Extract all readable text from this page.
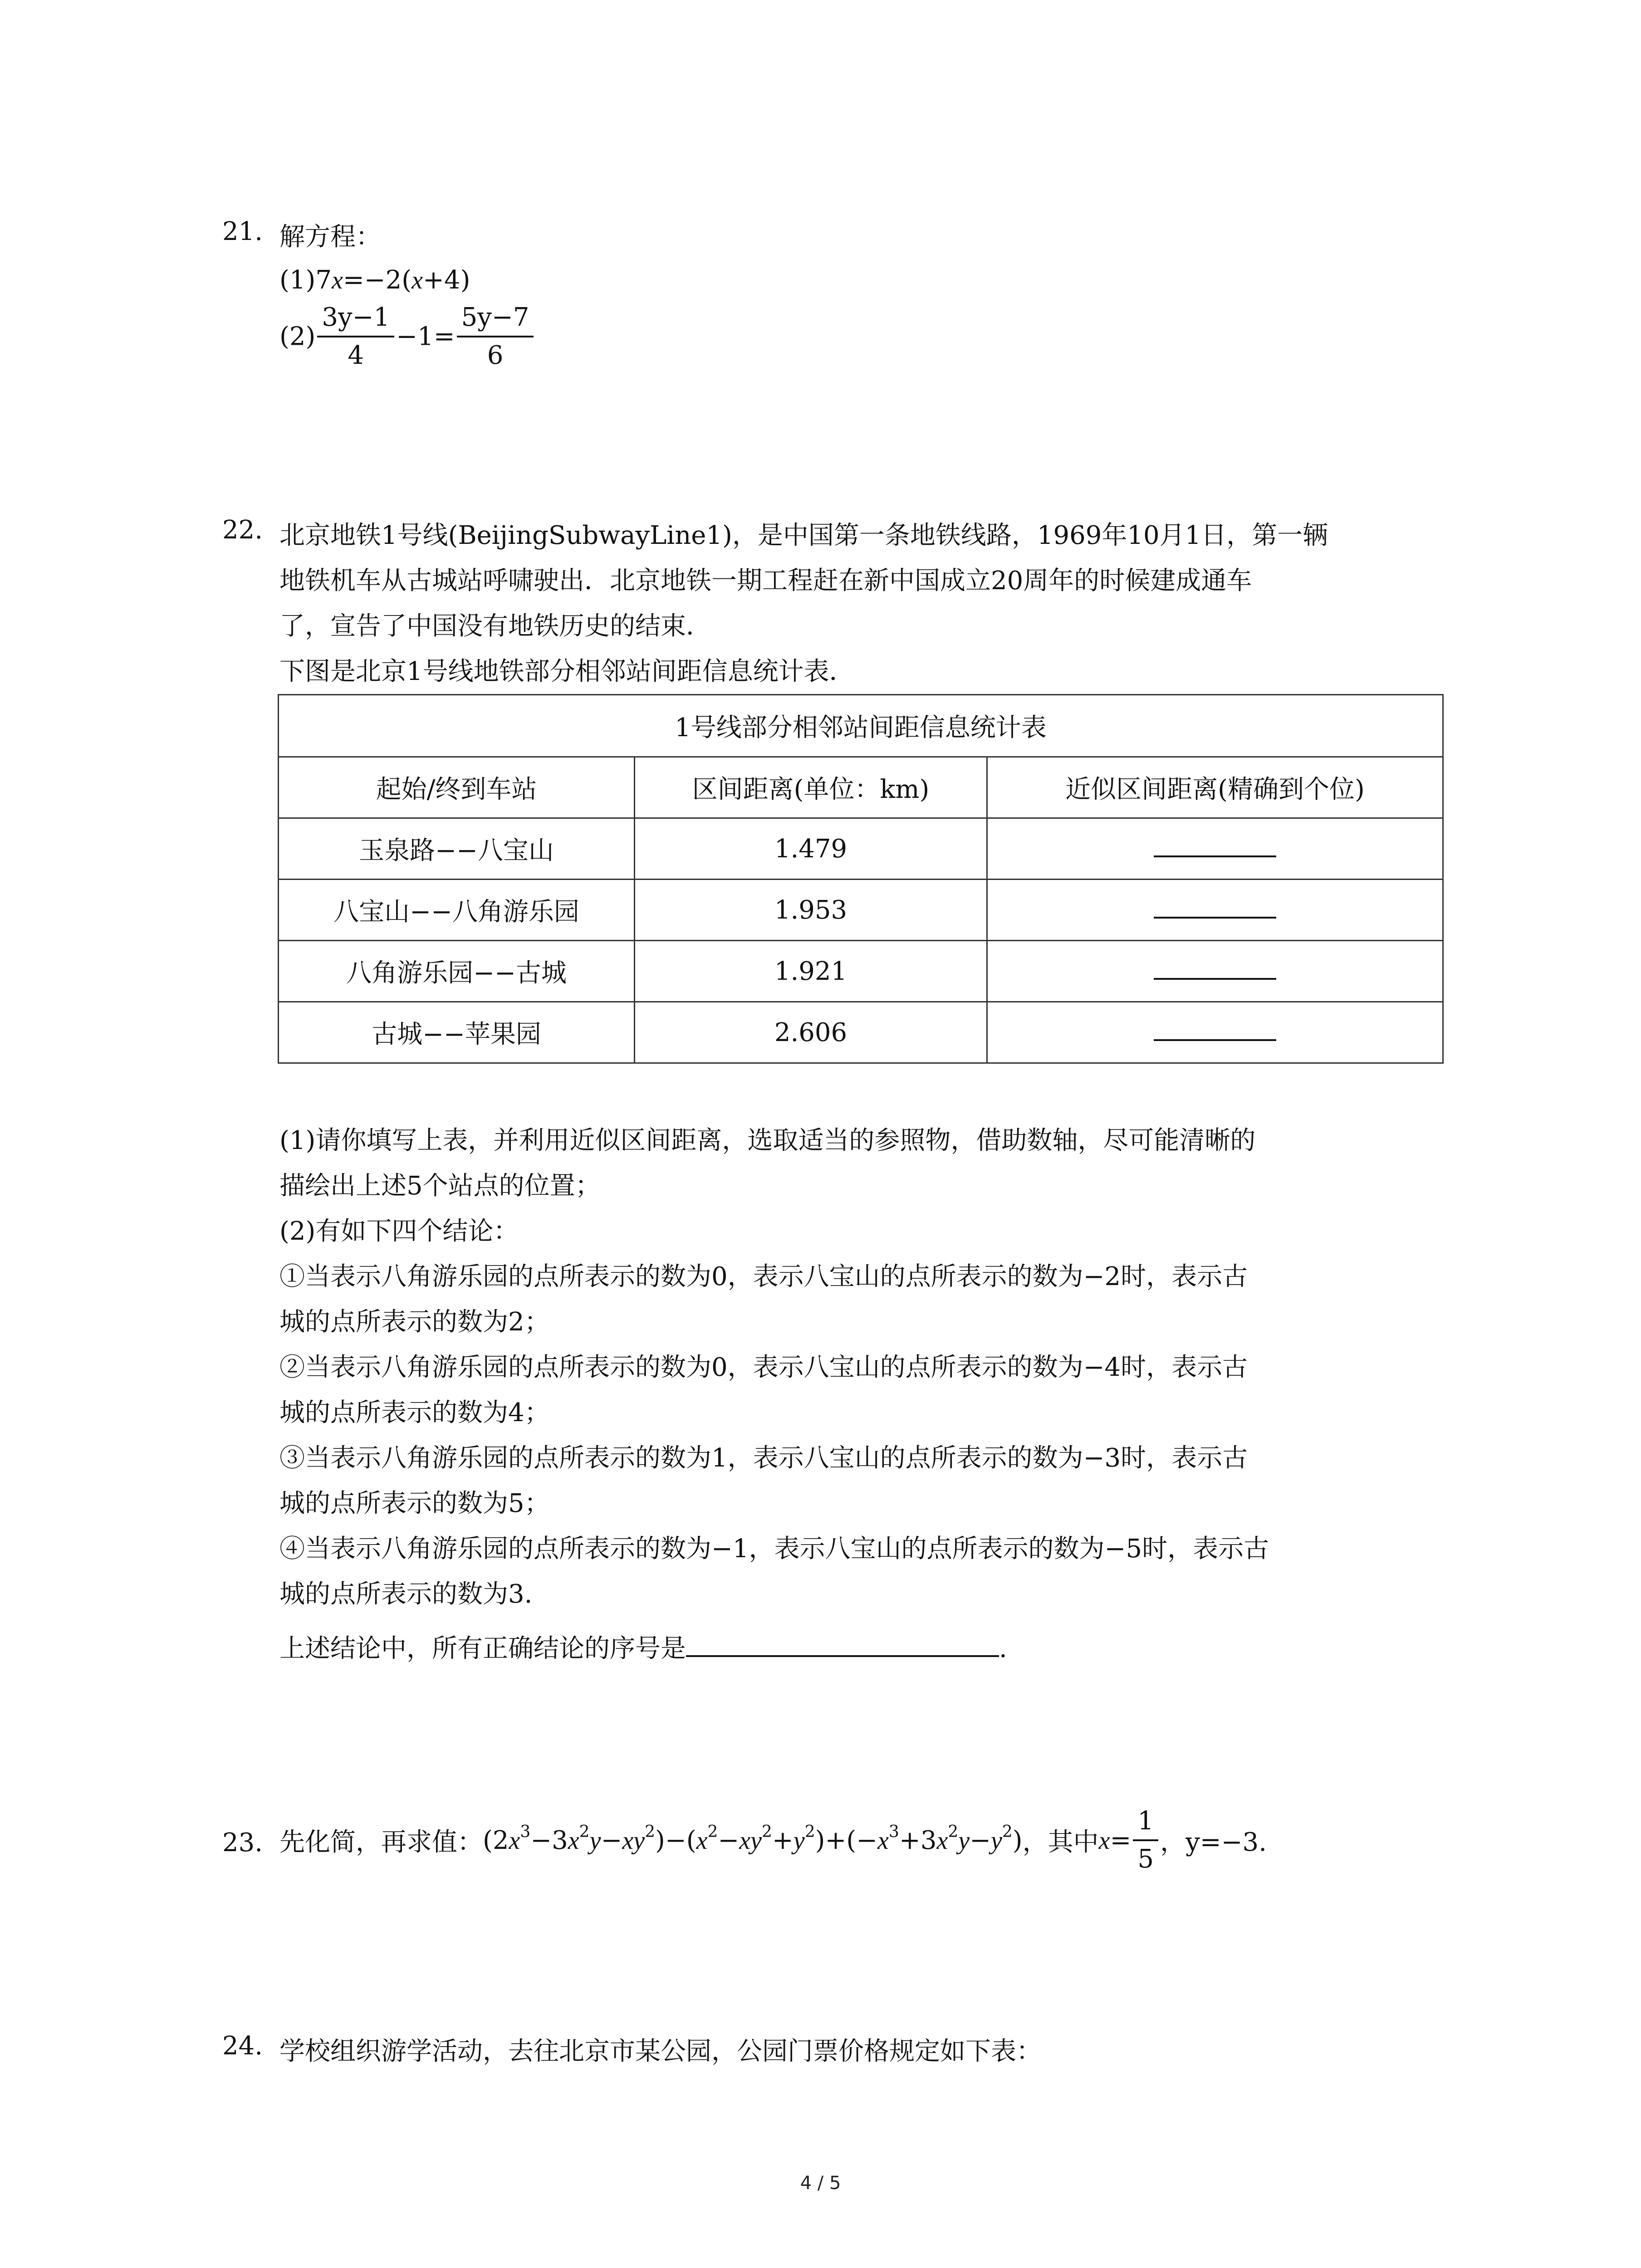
21. 解方程：
(1)7x=−2(x+4)
$(2) \frac{3y-1}{4} -1= \frac{5y-7}{6}$
22. 北京地铁1号线(BeijingSubwayLine1)，是中国第一条地铁线路，1969年10月1日，第一辆
地铁机车从古城站呼啸驶出．北京地铁一期工程赶在新中国成立20周年的时候建成通车
了，宣告了中国没有地铁历史的结束．
下图是北京1号线地铁部分相邻站间距信息统计表．
1号线部分相邻站间距信息统计表		
起始/终到车站	区间距离(单位：km)	近似区间距离(精确到个位)
玉泉路−−八宝山	1.479	
八宝山−−八角游乐园	1.953	
八角游乐园−−古城	1.921	
古城−−苹果园	2.606	
(1)请你填写上表，并利用近似区间距离，选取适当的参照物，借助数轴，尽可能清晰的
描绘出上述5个站点的位置；
(2)有如下四个结论：
①当表示八角游乐园的点所表示的数为0，表示八宝山的点所表示的数为−2时，表示古
城的点所表示的数为2；
②当表示八角游乐园的点所表示的数为0，表示八宝山的点所表示的数为−4时，表示古
城的点所表示的数为4；
③当表示八角游乐园的点所表示的数为1，表示八宝山的点所表示的数为−3时，表示古
城的点所表示的数为5；
④当表示八角游乐园的点所表示的数为−1，表示八宝山的点所表示的数为−5时，表示古
城的点所表示的数为3.
上述结论中，所有正确结论的序号是	.
23. 先化简，再求值：$(2x^3-3x^2y-xy^2)-(x^2-xy^2+y^2)+(-x^3+3x^2y-y^2)$，其中$x= \frac{1}{5}$ ，y=−3.
24. 学校组织游学活动，去往北京市某公园，公园门票价格规定如下表：
4 / 5
